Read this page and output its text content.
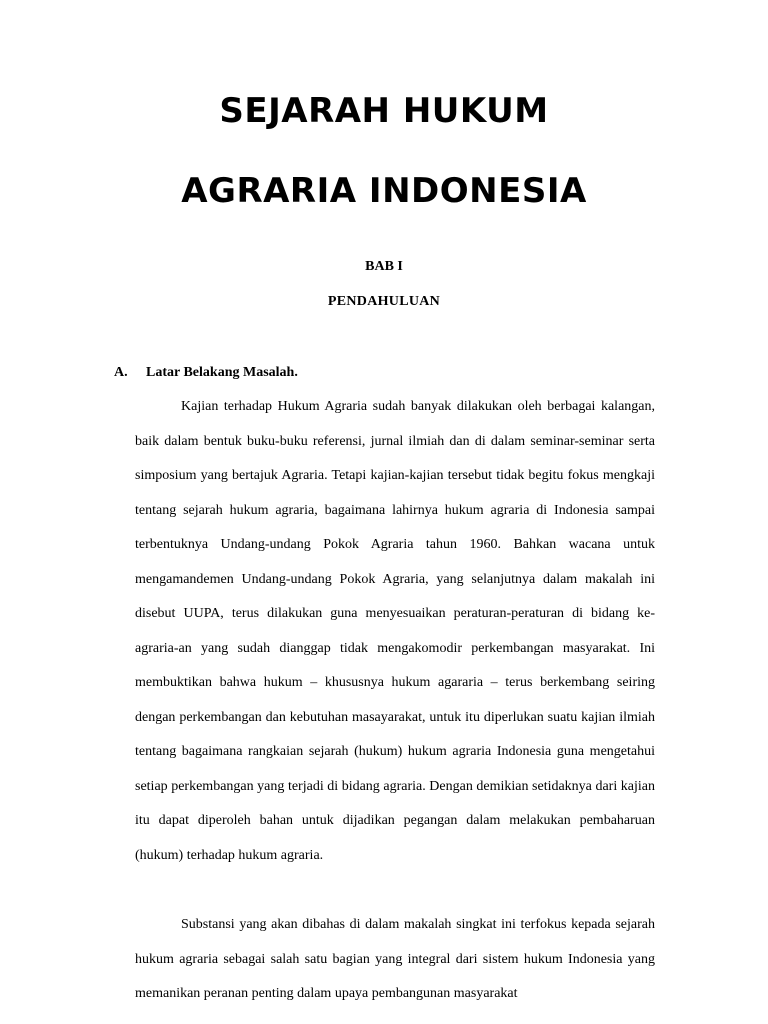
SEJARAH HUKUM
AGRARIA INDONESIA
BAB I
PENDAHULUAN
A. Latar Belakang Masalah.

Kajian terhadap Hukum Agraria sudah banyak dilakukan oleh berbagai kalangan, baik dalam bentuk buku-buku referensi, jurnal ilmiah dan di dalam seminar-seminar serta simposium yang bertajuk Agraria. Tetapi kajian-kajian tersebut tidak begitu fokus mengkaji tentang sejarah hukum agraria, bagaimana lahirnya hukum agraria di Indonesia sampai terbentuknya Undang-undang Pokok Agraria tahun 1960. Bahkan wacana untuk mengamandemen Undang-undang Pokok Agraria, yang selanjutnya dalam makalah ini disebut UUPA, terus dilakukan guna menyesuaikan peraturan-peraturan di bidang ke-agraria-an yang sudah dianggap tidak mengakomodir perkembangan masyarakat. Ini membuktikan bahwa hukum – khususnya hukum agararia – terus berkembang seiring dengan perkembangan dan kebutuhan masayarakat, untuk itu diperlukan suatu kajian ilmiah tentang bagaimana rangkaian sejarah (hukum) hukum agraria Indonesia guna mengetahui setiap perkembangan yang terjadi di bidang agraria. Dengan demikian setidaknya dari kajian itu dapat diperoleh bahan untuk dijadikan pegangan dalam melakukan pembaharuan (hukum) terhadap hukum agraria.

Substansi yang akan dibahas di dalam makalah singkat ini terfokus kepada sejarah hukum agraria sebagai salah satu bagian yang integral dari sistem hukum Indonesia yang memanikan peranan penting dalam upaya pembangunan masyarakat
